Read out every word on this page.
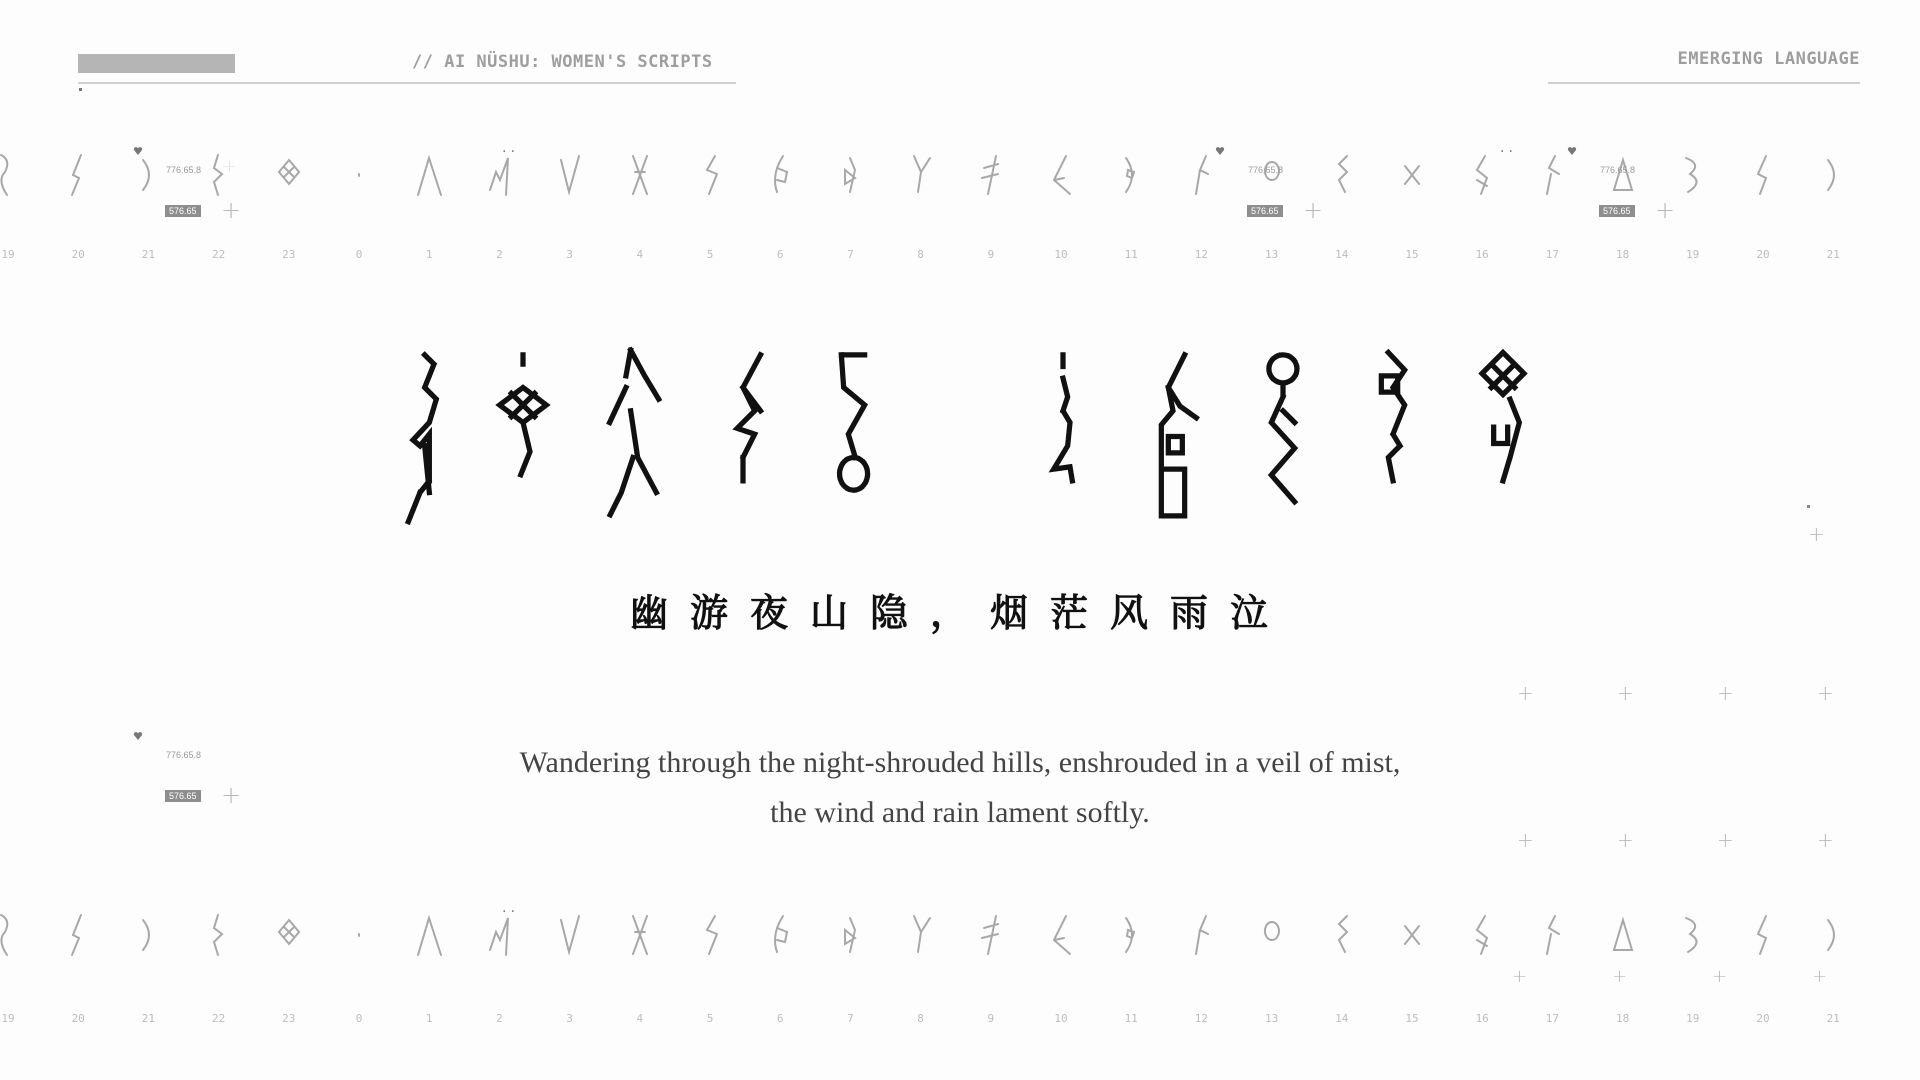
// AI NÜSHU: WOMEN'S SCRIPTS	EMERGING LANGUAGE
19	20	21	22	23	0	1	2	3	4	5	6	7	8	9	10	11	12	13	14	15	16	17	18	19	20	21
19	20	21	22	23	0	1	2	3	4	5	6	7	8	9	10	11	12	13	14	15	16	17	18	19	20	21
776.65.8
576.65 +
+	776.65.8
576.65 +
776.65.8
576.65 +
··	··
776.65.8
576.65 +
··
+	+	+	+
+	+	+	+
+	+	+	+
+
幽游夜山隐，烟茫风雨泣
Wandering through the night-shrouded hills, enshrouded in a veil of mist,
the wind and rain lament softly.
